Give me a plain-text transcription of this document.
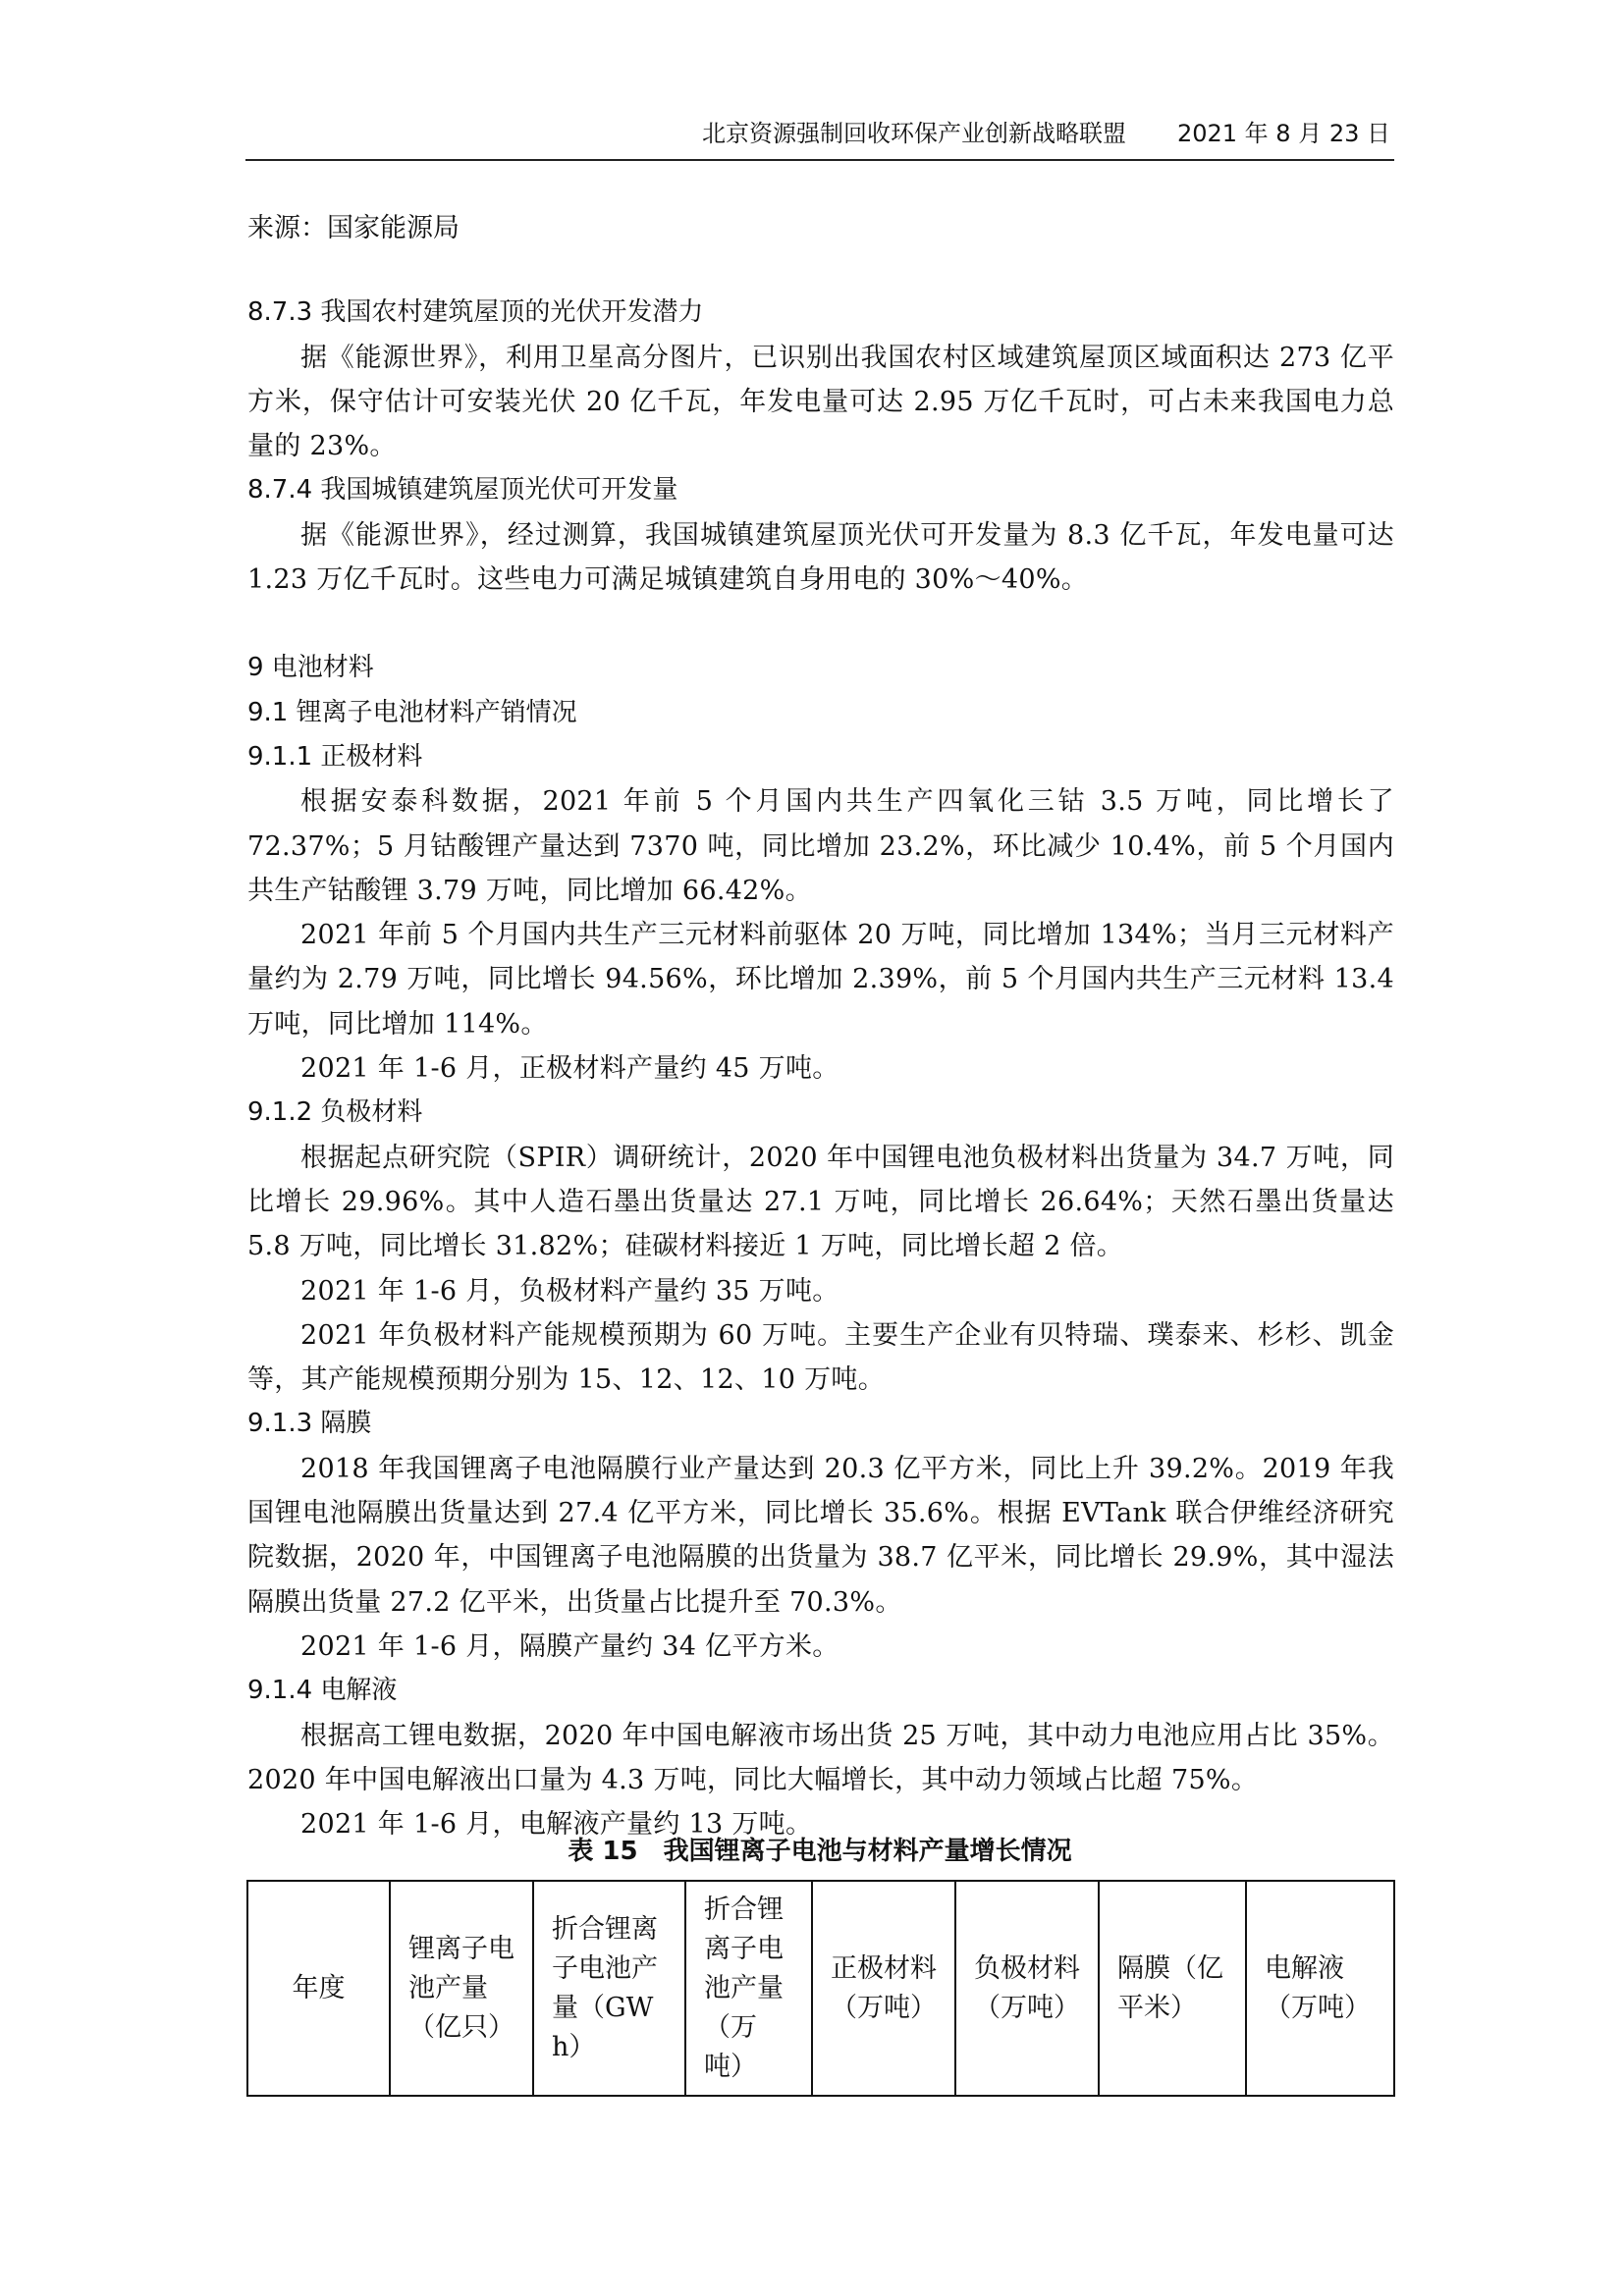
北京资源强制回收环保产业创新战略联盟 2021 年 8 月 23 日
来源：国家能源局
8.7.3 我国农村建筑屋顶的光伏开发潜力

据《能源世界》，利用卫星高分图片，已识别出我国农村区域建筑屋顶区域面积达 273 亿平方米，保守估计可安装光伏 20 亿千瓦，年发电量可达 2.95 万亿千瓦时，可占未来我国电力总量的 23%。

8.7.4 我国城镇建筑屋顶光伏可开发量

据《能源世界》，经过测算，我国城镇建筑屋顶光伏可开发量为 8.3 亿千瓦，年发电量可达 1.23 万亿千瓦时。这些电力可满足城镇建筑自身用电的 30%～40%。

9 电池材料
9.1 锂离子电池材料产销情况
9.1.1 正极材料

根据安泰科数据，2021 年前 5 个月国内共生产四氧化三钴 3.5 万吨，同比增长了 72.37%；5 月钴酸锂产量达到 7370 吨，同比增加 23.2%，环比减少 10.4%，前 5 个月国内共生产钴酸锂 3.79 万吨，同比增加 66.42%。

2021 年前 5 个月国内共生产三元材料前驱体 20 万吨，同比增加 134%；当月三元材料产量约为 2.79 万吨，同比增长 94.56%，环比增加 2.39%，前 5 个月国内共生产三元材料 13.4 万吨，同比增加 114%。

2021 年 1-6 月，正极材料产量约 45 万吨。

9.1.2 负极材料

根据起点研究院（SPIR）调研统计，2020 年中国锂电池负极材料出货量为 34.7 万吨，同比增长 29.96%。其中人造石墨出货量达 27.1 万吨，同比增长 26.64%；天然石墨出货量达 5.8 万吨，同比增长 31.82%；硅碳材料接近 1 万吨，同比增长超 2 倍。

2021 年 1-6 月，负极材料产量约 35 万吨。

2021 年负极材料产能规模预期为 60 万吨。主要生产企业有贝特瑞、璞泰来、杉杉、凯金等，其产能规模预期分别为 15、12、12、10 万吨。

9.1.3 隔膜

2018 年我国锂离子电池隔膜行业产量达到 20.3 亿平方米，同比上升 39.2%。2019 年我国锂电池隔膜出货量达到 27.4 亿平方米，同比增长 35.6%。根据 EVTank 联合伊维经济研究院数据，2020 年，中国锂离子电池隔膜的出货量为 38.7 亿平米，同比增长 29.9%，其中湿法隔膜出货量 27.2 亿平米，出货量占比提升至 70.3%。

2021 年 1-6 月，隔膜产量约 34 亿平方米。

9.1.4 电解液

根据高工锂电数据，2020 年中国电解液市场出货 25 万吨，其中动力电池应用占比 35%。2020 年中国电解液出口量为 4.3 万吨，同比大幅增长，其中动力领域占比超 75%。

2021 年 1-6 月，电解液产量约 13 万吨。

表 15　我国锂离子电池与材料产量增长情况
年度	锂离子电池产量（亿只）	折合锂离子电池产量（GWh）	折合锂离子电池产量（万吨）	正极材料（万吨）	负极材料（万吨）	隔膜（亿平米）	电解液（万吨）
